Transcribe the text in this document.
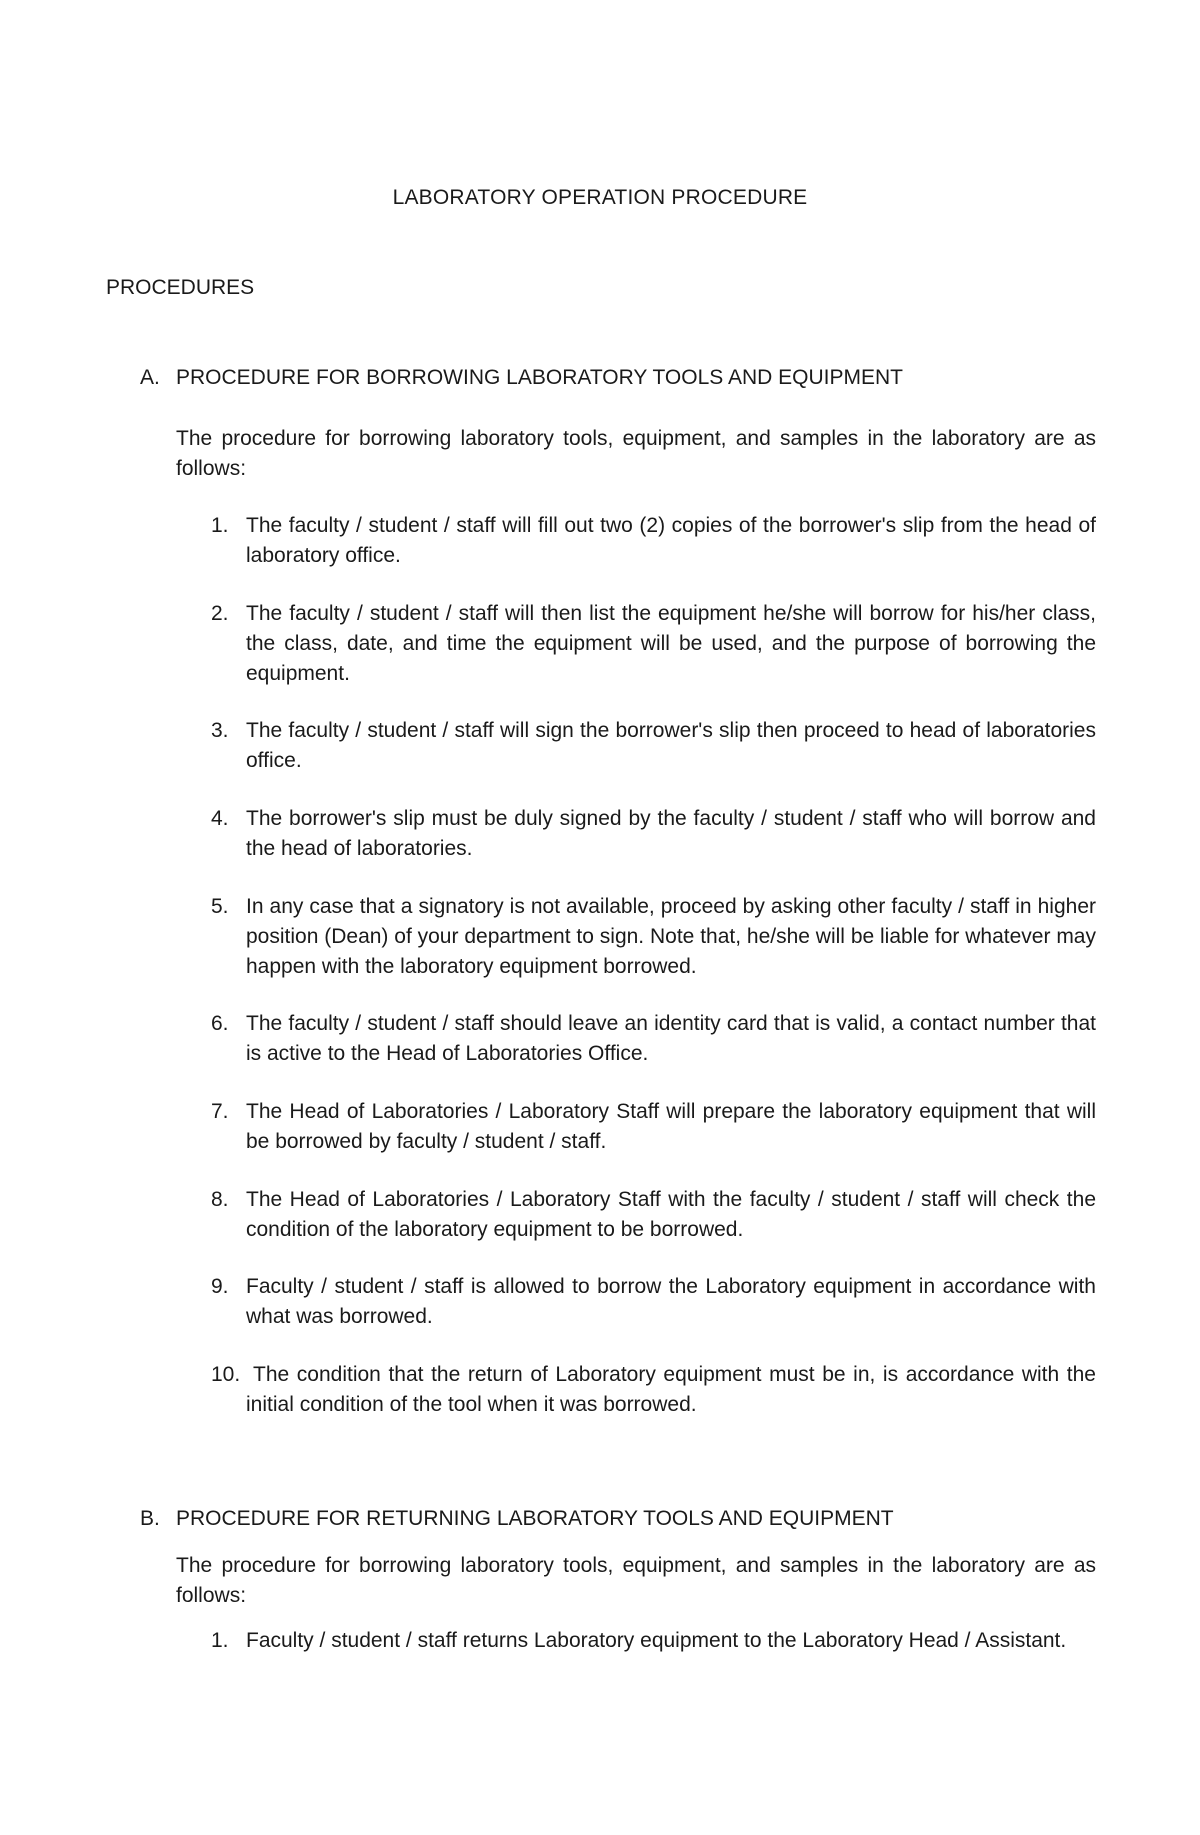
LABORATORY OPERATION PROCEDURE
PROCEDURES
A. PROCEDURE FOR BORROWING LABORATORY TOOLS AND EQUIPMENT

The procedure for borrowing laboratory tools, equipment, and samples in the laboratory are as follows:

1. The faculty / student / staff will fill out two (2) copies of the borrower's slip from the head of laboratory office.
2. The faculty / student / staff will then list the equipment he/she will borrow for his/her class, the class, date, and time the equipment will be used, and the purpose of borrowing the equipment.
3. The faculty / student / staff will sign the borrower's slip then proceed to head of laboratories office.
4. The borrower's slip must be duly signed by the faculty / student / staff who will borrow and the head of laboratories.
5. In any case that a signatory is not available, proceed by asking other faculty / staff in higher position (Dean) of your department to sign. Note that, he/she will be liable for whatever may happen with the laboratory equipment borrowed.
6. The faculty / student / staff should leave an identity card that is valid, a contact number that is active to the Head of Laboratories Office.
7. The Head of Laboratories / Laboratory Staff will prepare the laboratory equipment that will be borrowed by faculty / student / staff.
8. The Head of Laboratories / Laboratory Staff with the faculty / student / staff will check the condition of the laboratory equipment to be borrowed.
9. Faculty / student / staff is allowed to borrow the Laboratory equipment in accordance with what was borrowed.
10. The condition that the return of Laboratory equipment must be in, is accordance with the initial condition of the tool when it was borrowed.
B. PROCEDURE FOR RETURNING LABORATORY TOOLS AND EQUIPMENT

The procedure for borrowing laboratory tools, equipment, and samples in the laboratory are as follows:

1. Faculty / student / staff returns Laboratory equipment to the Laboratory Head / Assistant.
